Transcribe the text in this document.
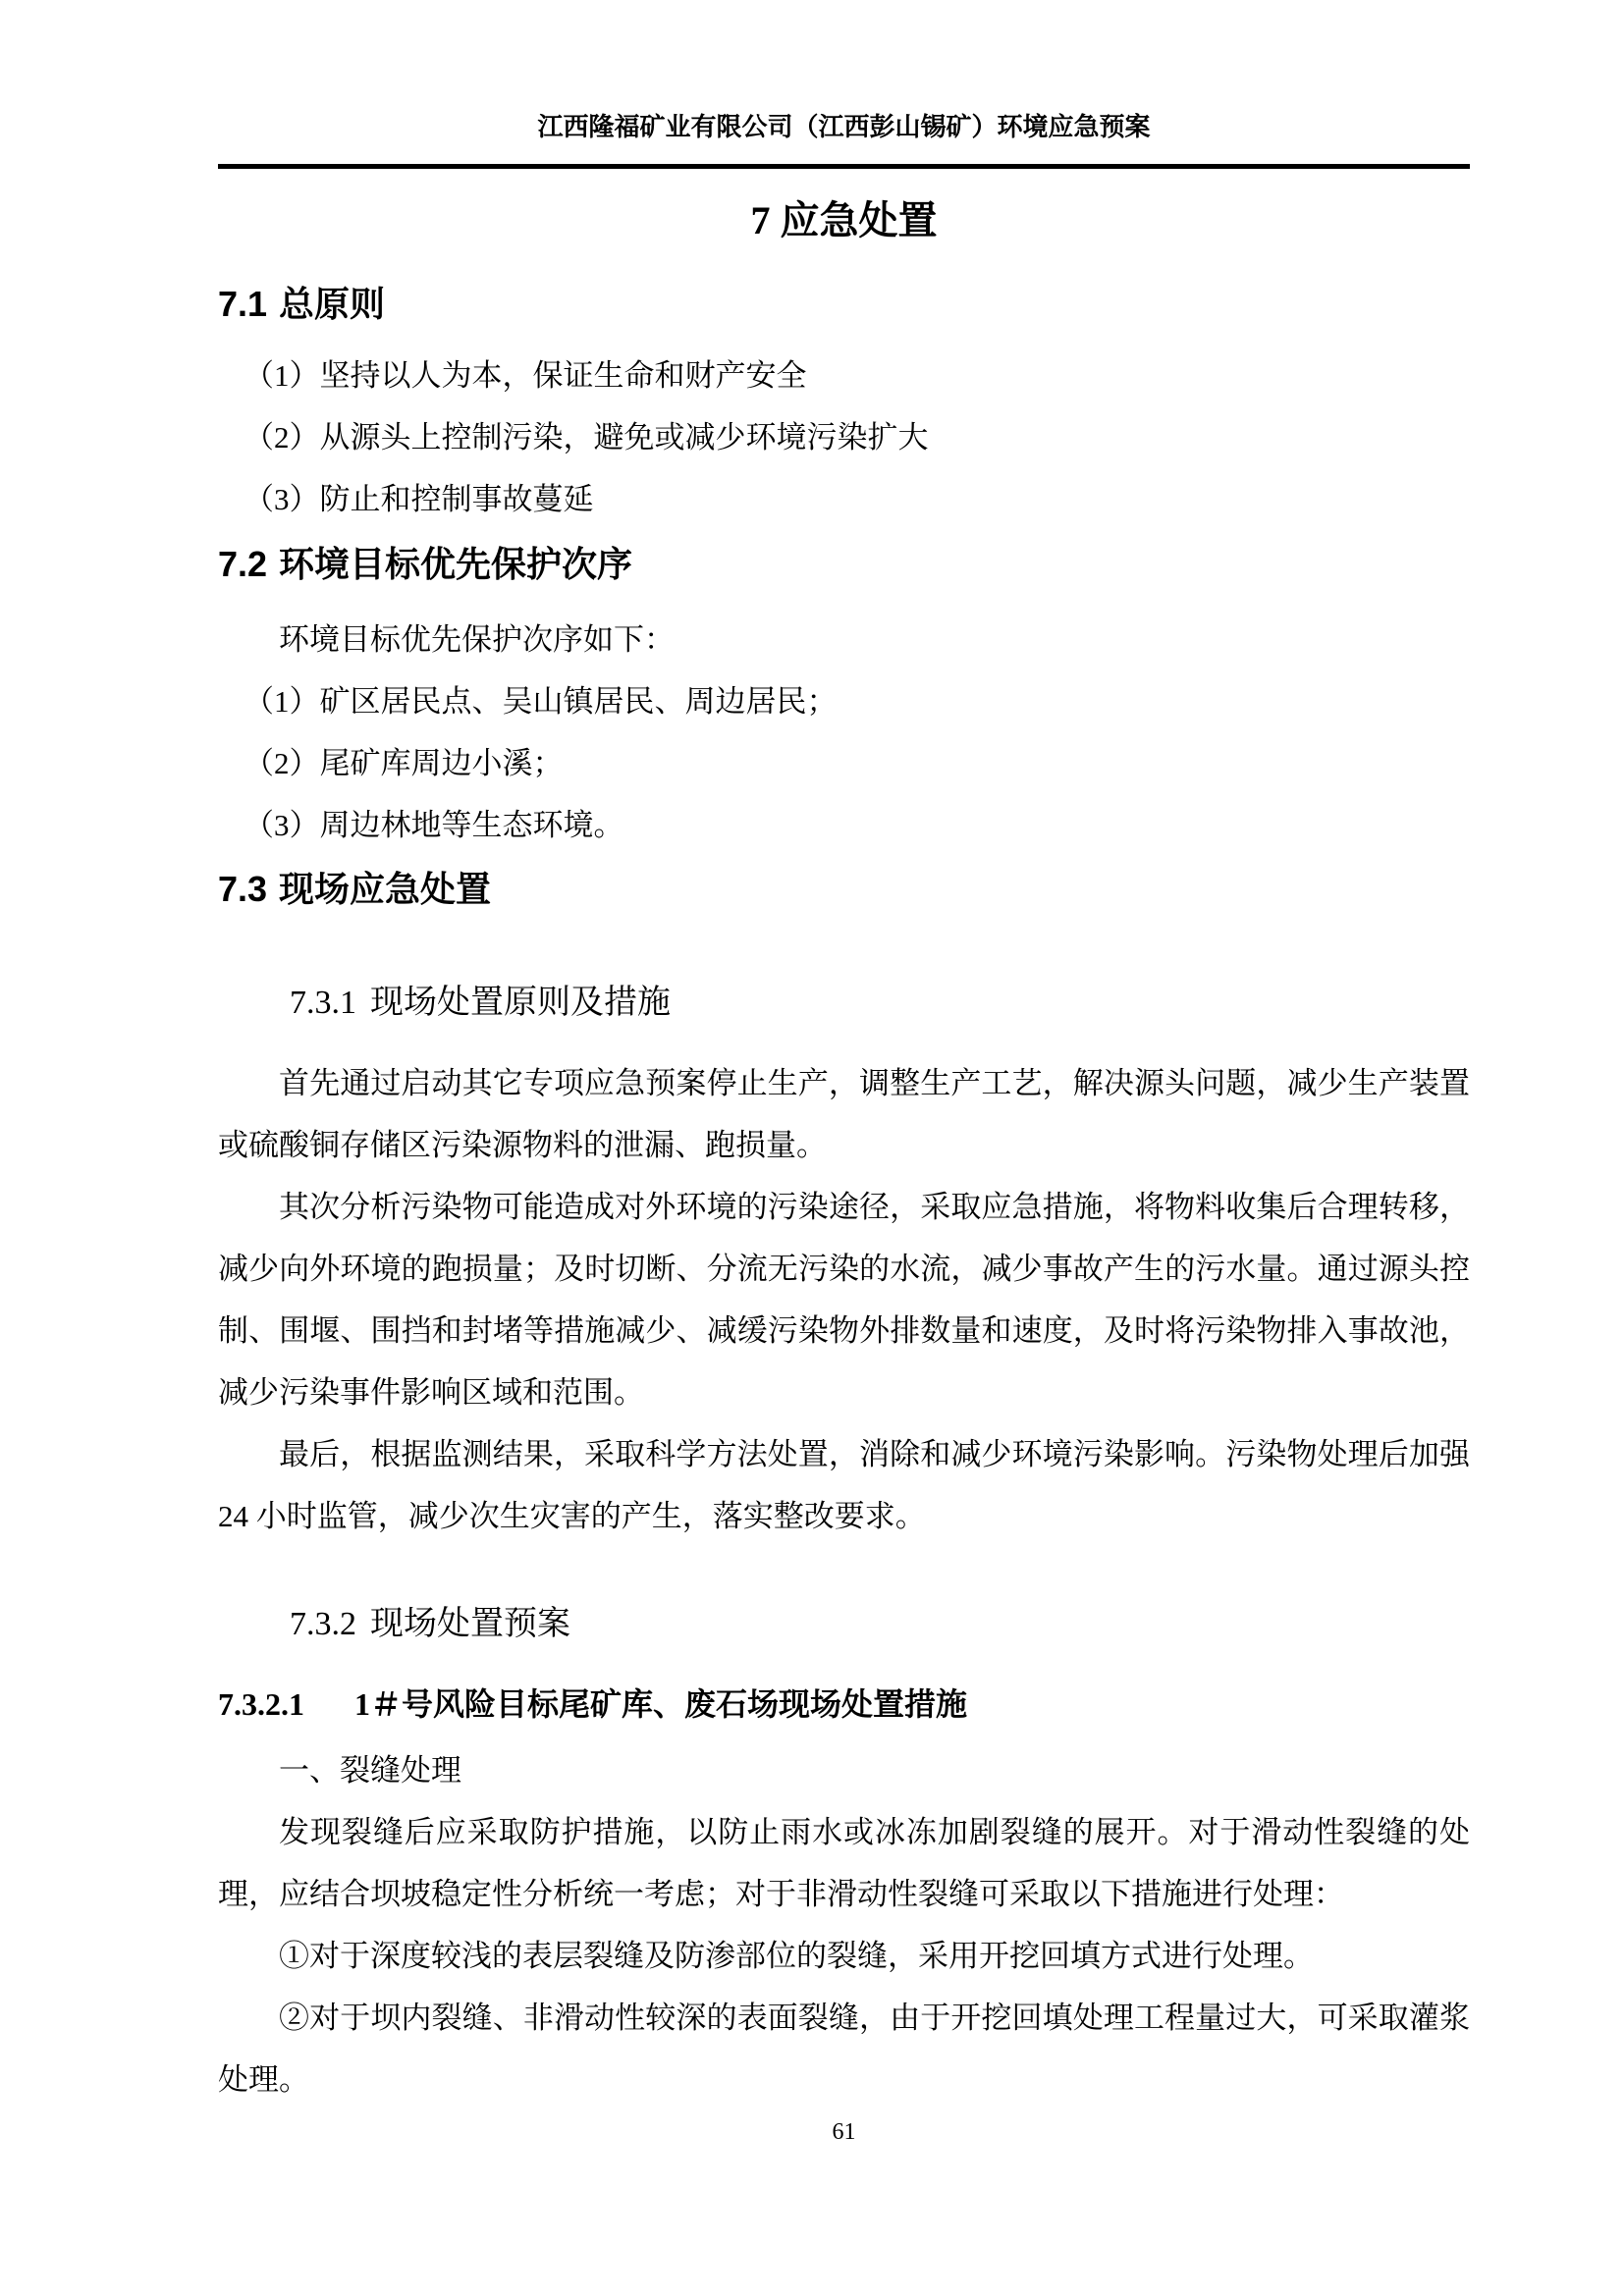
江西隆福矿业有限公司（江西彭山锡矿）环境应急预案
7 应急处置
7.1 总原则

（1）坚持以人为本，保证生命和财产安全

（2）从源头上控制污染，避免或减少环境污染扩大

（3）防止和控制事故蔓延

7.2 环境目标优先保护次序

环境目标优先保护次序如下：

（1）矿区居民点、吴山镇居民、周边居民；

（2）尾矿库周边小溪；

（3）周边林地等生态环境。

7.3 现场应急处置
7.3.1 现场处置原则及措施

首先通过启动其它专项应急预案停止生产，调整生产工艺，解决源头问题，减少生产装置或硫酸铜存储区污染源物料的泄漏、跑损量。

其次分析污染物可能造成对外环境的污染途径，采取应急措施，将物料收集后合理转移，减少向外环境的跑损量；及时切断、分流无污染的水流，减少事故产生的污水量。通过源头控制、围堰、围挡和封堵等措施减少、减缓污染物外排数量和速度，及时将污染物排入事故池，减少污染事件影响区域和范围。

最后，根据监测结果，采取科学方法处置，消除和减少环境污染影响。污染物处理后加强 24 小时监管，减少次生灾害的产生，落实整改要求。

7.3.2 现场处置预案
7.3.2.1 1＃号风险目标尾矿库、废石场现场处置措施

一、裂缝处理

发现裂缝后应采取防护措施，以防止雨水或冰冻加剧裂缝的展开。对于滑动性裂缝的处理，应结合坝坡稳定性分析统一考虑；对于非滑动性裂缝可采取以下措施进行处理：

①对于深度较浅的表层裂缝及防渗部位的裂缝，采用开挖回填方式进行处理。

②对于坝内裂缝、非滑动性较深的表面裂缝，由于开挖回填处理工程量过大，可采取灌浆处理。

61
